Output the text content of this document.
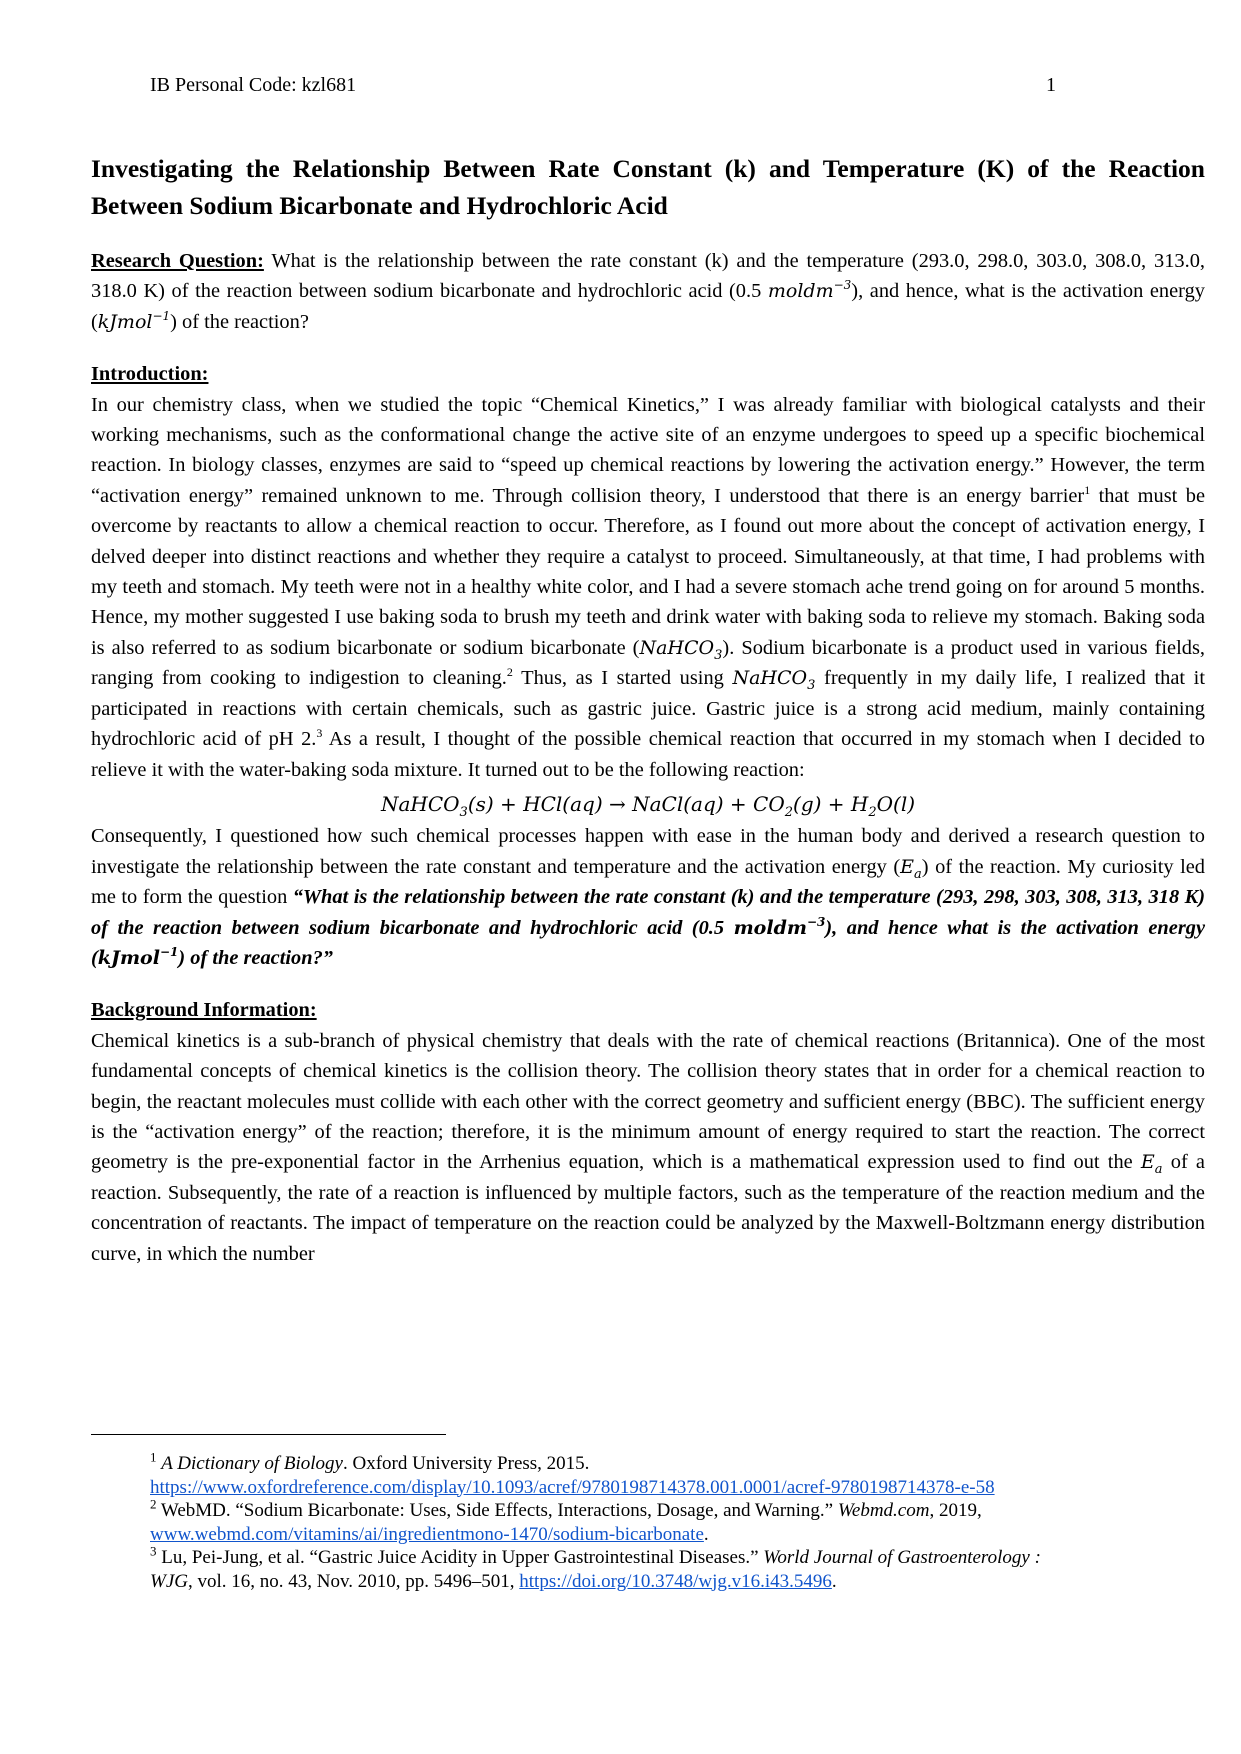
IB Personal Code: kzl681	1
Investigating the Relationship Between Rate Constant (k) and Temperature (K) of the Reaction Between Sodium Bicarbonate and Hydrochloric Acid

Research Question: What is the relationship between the rate constant (k) and the temperature (293.0, 298.0, 303.0, 308.0, 313.0, 318.0 K) of the reaction between sodium bicarbonate and hydrochloric acid (0.5 moldm$^{-3}$), and hence, what is the activation energy (kJmol$^{-1}$) of the reaction?

Introduction:

In our chemistry class, when we studied the topic “Chemical Kinetics,” I was already familiar with biological catalysts and their working mechanisms, such as the conformational change the active site of an enzyme undergoes to speed up a specific biochemical reaction. In biology classes, enzymes are said to “speed up chemical reactions by lowering the activation energy.” However, the term “activation energy” remained unknown to me. Through collision theory, I understood that there is an energy barrier$^1$ that must be overcome by reactants to allow a chemical reaction to occur. Therefore, as I found out more about the concept of activation energy, I delved deeper into distinct reactions and whether they require a catalyst to proceed. Simultaneously, at that time, I had problems with my teeth and stomach. My teeth were not in a healthy white color, and I had a severe stomach ache trend going on for around 5 months. Hence, my mother suggested I use baking soda to brush my teeth and drink water with baking soda to relieve my stomach. Baking soda is also referred to as sodium bicarbonate or sodium bicarbonate (NaHCO$_3$). Sodium bicarbonate is a product used in various fields, ranging from cooking to indigestion to cleaning.$^2$ Thus, as I started using NaHCO$_3$ frequently in my daily life, I realized that it participated in reactions with certain chemicals, such as gastric juice. Gastric juice is a strong acid medium, mainly containing hydrochloric acid of pH 2.$^3$ As a result, I thought of the possible chemical reaction that occurred in my stomach when I decided to relieve it with the water-baking soda mixture. It turned out to be the following reaction:

NaHCO$_3$(s) + HCl(aq) → NaCl(aq) + $CO_2(g) + H_2O(l)$

Consequently, I questioned how such chemical processes happen with ease in the human body and derived a research question to investigate the relationship between the rate constant and temperature and the activation energy $(E_a)$ of the reaction. My curiosity led me to form the question “What is the relationship between the rate constant (k) and the temperature (293, 298, 303, 308, 313, 318 K) of the reaction between sodium bicarbonate and hydrochloric acid (0.5 moldm$^{-3}$), and hence what is the activation energy (kJmol$^{-1}$) of the reaction?”

Background Information:

Chemical kinetics is a sub-branch of physical chemistry that deals with the rate of chemical reactions (Britannica). One of the most fundamental concepts of chemical kinetics is the collision theory. The collision theory states that in order for a chemical reaction to begin, the reactant molecules must collide with each other with the correct geometry and sufficient energy (BBC). The sufficient energy is the “activation energy” of the reaction; therefore, it is the minimum amount of energy required to start the reaction. The correct geometry is the pre-exponential factor in the Arrhenius equation, which is a mathematical expression used to find out the $E_a$ of a reaction. Subsequently, the rate of a reaction is influenced by multiple factors, such as the temperature of the reaction medium and the concentration of reactants. The impact of temperature on the reaction could be analyzed by the Maxwell-Boltzmann energy distribution curve, in which the number

$^1$ A Dictionary of Biology. Oxford University Press, 2015.
https://www.oxfordreference.com/display/10.1093/acref/9780198714378.001.0001/acref-9780198714378-e-58

$^2$ WebMD. “Sodium Bicarbonate: Uses, Side Effects, Interactions, Dosage, and Warning.” Webmd.com, 2019,
www.webmd.com/vitamins/ai/ingredientmono-1470/sodium-bicarbonate.

$^3$ Lu, Pei-Jung, et al. “Gastric Juice Acidity in Upper Gastrointestinal Diseases.” World Journal of Gastroenterology : WJG, vol. 16, no. 43, Nov. 2010, pp. 5496–501, https://doi.org/10.3748/wjg.v16.i43.5496.
